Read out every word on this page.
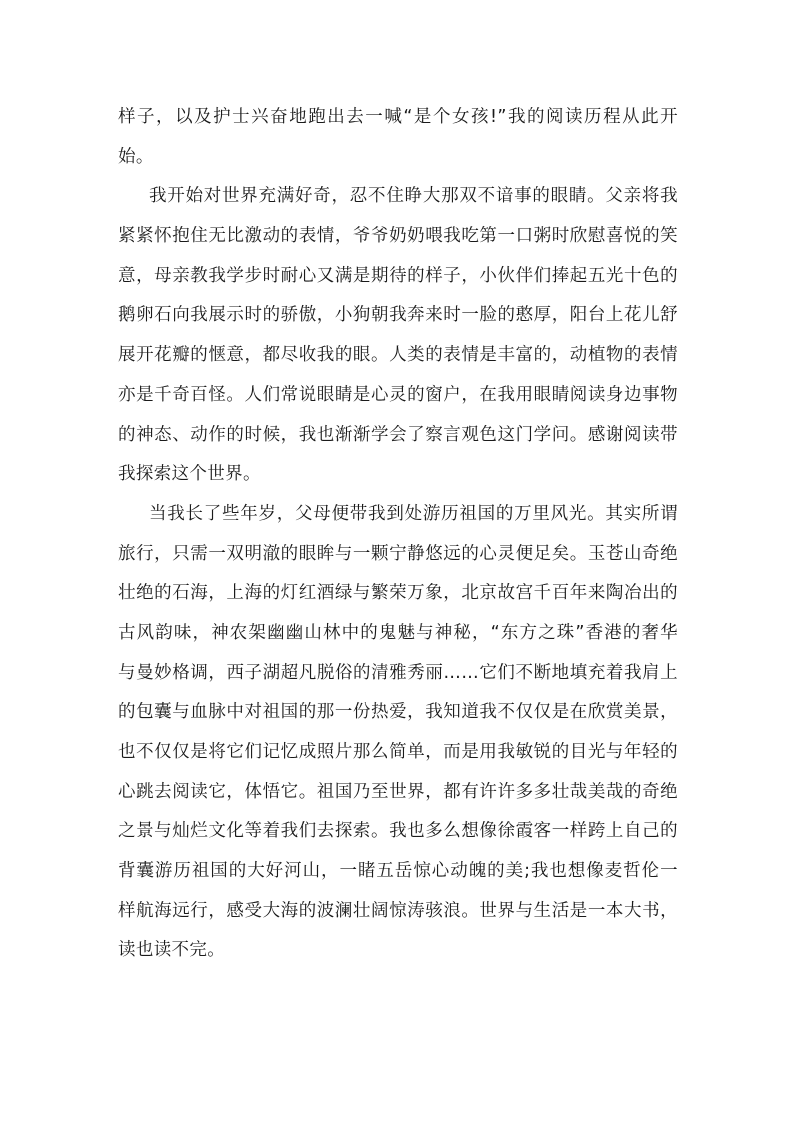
样子，以及护士兴奋地跑出去一喊“是个女孩!”我的阅读历程从此开
始。
我开始对世界充满好奇，忍不住睁大那双不谙事的眼睛。父亲将我
紧紧怀抱住无比激动的表情，爷爷奶奶喂我吃第一口粥时欣慰喜悦的笑
意，母亲教我学步时耐心又满是期待的样子，小伙伴们捧起五光十色的
鹅卵石向我展示时的骄傲，小狗朝我奔来时一脸的憨厚，阳台上花儿舒
展开花瓣的惬意，都尽收我的眼。人类的表情是丰富的，动植物的表情
亦是千奇百怪。人们常说眼睛是心灵的窗户，在我用眼睛阅读身边事物
的神态、动作的时候，我也渐渐学会了察言观色这门学问。感谢阅读带
我探索这个世界。
当我长了些年岁，父母便带我到处游历祖国的万里风光。其实所谓
旅行，只需一双明澈的眼眸与一颗宁静悠远的心灵便足矣。玉苍山奇绝
壮绝的石海，上海的灯红酒绿与繁荣万象，北京故宫千百年来陶冶出的
古风韵味，神农架幽幽山林中的鬼魅与神秘，“东方之珠”香港的奢华
与曼妙格调，西子湖超凡脱俗的清雅秀丽……它们不断地填充着我肩上
的包囊与血脉中对祖国的那一份热爱，我知道我不仅仅是在欣赏美景，
也不仅仅是将它们记忆成照片那么简单，而是用我敏锐的目光与年轻的
心跳去阅读它，体悟它。祖国乃至世界，都有许许多多壮哉美哉的奇绝
之景与灿烂文化等着我们去探索。我也多么想像徐霞客一样跨上自己的
背囊游历祖国的大好河山，一睹五岳惊心动魄的美;我也想像麦哲伦一
样航海远行，感受大海的波澜壮阔惊涛骇浪。世界与生活是一本大书，
读也读不完。
